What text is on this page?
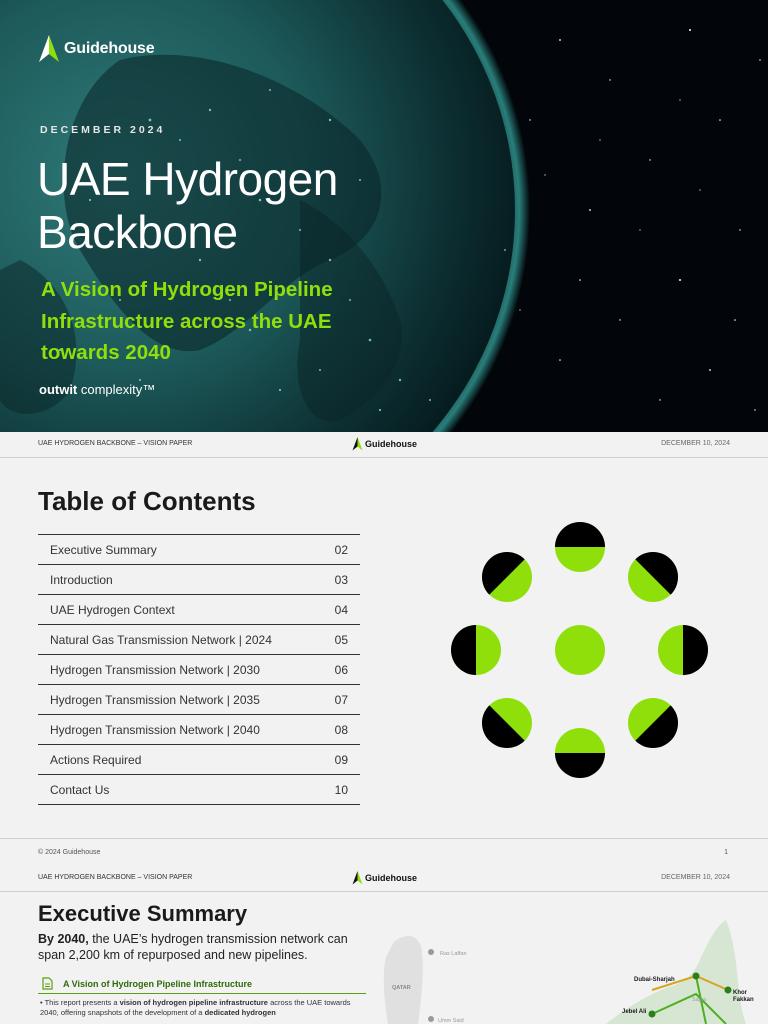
Guidehouse
DECEMBER 2024
UAE Hydrogen
Backbone
A Vision of Hydrogen Pipeline
Infrastructure across the UAE
towards 2040
outwit complexity™
UAE HYDROGEN BACKBONE – VISION PAPER	Guidehouse	DECEMBER 10, 2024
Table of Contents
Executive Summary	02
Introduction	03
UAE Hydrogen Context	04
Natural Gas Transmission Network | 2024	05
Hydrogen Transmission Network | 2030	06
Hydrogen Transmission Network | 2035	07
Hydrogen Transmission Network | 2040	08
Actions Required	09
Contact Us	10
© 2024 Guidehouse	1
UAE HYDROGEN BACKBONE – VISION PAPER	Guidehouse	DECEMBER 10, 2024
Executive Summary

By 2040, the UAE’s hydrogen transmission network can span 2,200 km of repurposed and new pipelines.

A Vision of Hydrogen Pipeline Infrastructure

• This report presents a vision of hydrogen pipeline infrastructure across the UAE towards 2040, offering snapshots of the development of a dedicated hydrogen

Ras Laffan
QATAR
Umm Said
Dubai-Sharjah
Khor
Fakkan
Sajaa
Jebel Ali
